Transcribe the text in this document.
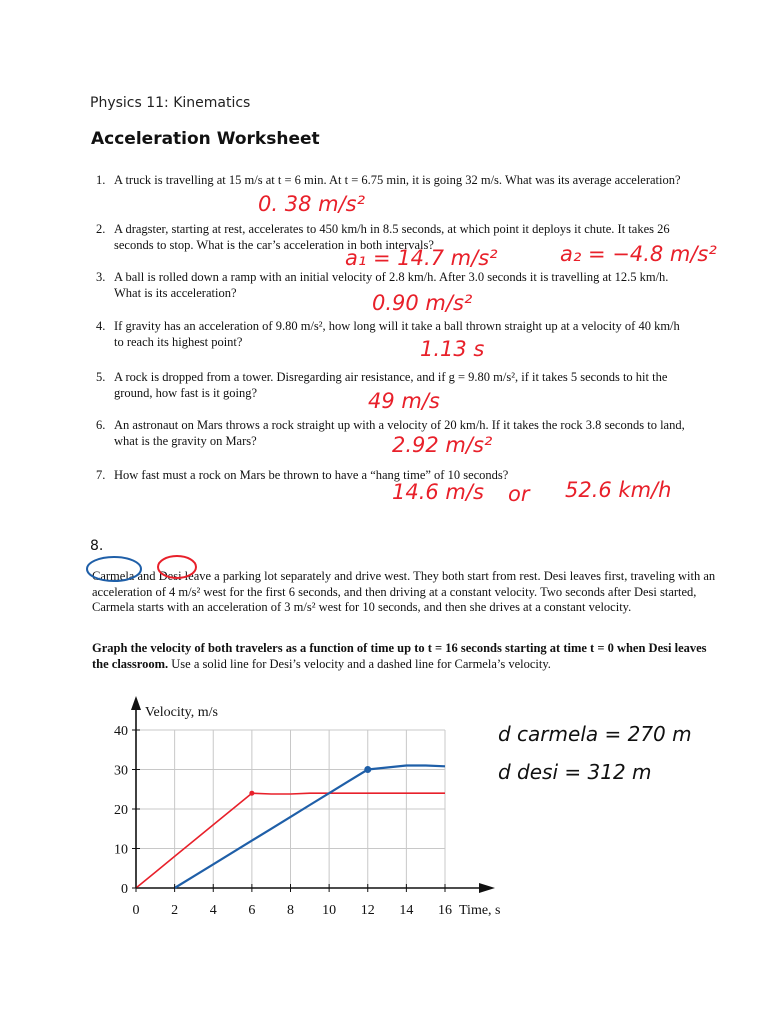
Physics 11: Kinematics
Acceleration Worksheet
1. A truck is travelling at 15 m/s at t = 6 min. At t = 6.75 min, it is going 32 m/s. What was its average acceleration?
0. 38 m/s²
2. A dragster, starting at rest, accelerates to 450 km/h in 8.5 seconds, at which point it deploys it chute. It takes 26 seconds to stop. What is the car’s acceleration in both intervals?
a₁ = 14.7 m/s²	a₂ = −4.8 m/s²
3. A ball is rolled down a ramp with an initial velocity of 2.8 km/h. After 3.0 seconds it is travelling at 12.5 km/h. What is its acceleration?	0.90 m/s²
4. If gravity has an acceleration of 9.80 m/s², how long will it take a ball thrown straight up at a velocity of 40 km/h to reach its highest point?	1.13 s
5. A rock is dropped from a tower. Disregarding air resistance, and if g = 9.80 m/s², if it takes 5 seconds to hit the ground, how fast is it going?	49 m/s
6. An astronaut on Mars throws a rock straight up with a velocity of 20 km/h. If it takes the rock 3.8 seconds to land, what is the gravity on Mars?	2.92 m/s²
7. How fast must a rock on Mars be thrown to have a “hang time” of 10 seconds?
14.6 m/s or 52.6 km/h
8.
Carmela and Desi leave a parking lot separately and drive west. They both start from rest. Desi leaves first, traveling with an acceleration of 4 m/s² west for the first 6 seconds, and then driving at a constant velocity. Two seconds after Desi started, Carmela starts with an acceleration of 3 m/s² west for 10 seconds, and then she drives at a constant velocity.
Graph the velocity of both travelers as a function of time up to t = 16 seconds starting at time t = 0 when Desi leaves the classroom. Use a solid line for Desi’s velocity and a dashed line for Carmela’s velocity.
d carmela = 270 m
d desi = 312 m
0 2 4 6 8 10 12 14 16
0
10
20
30
40
Velocity, m/s
Time, s
